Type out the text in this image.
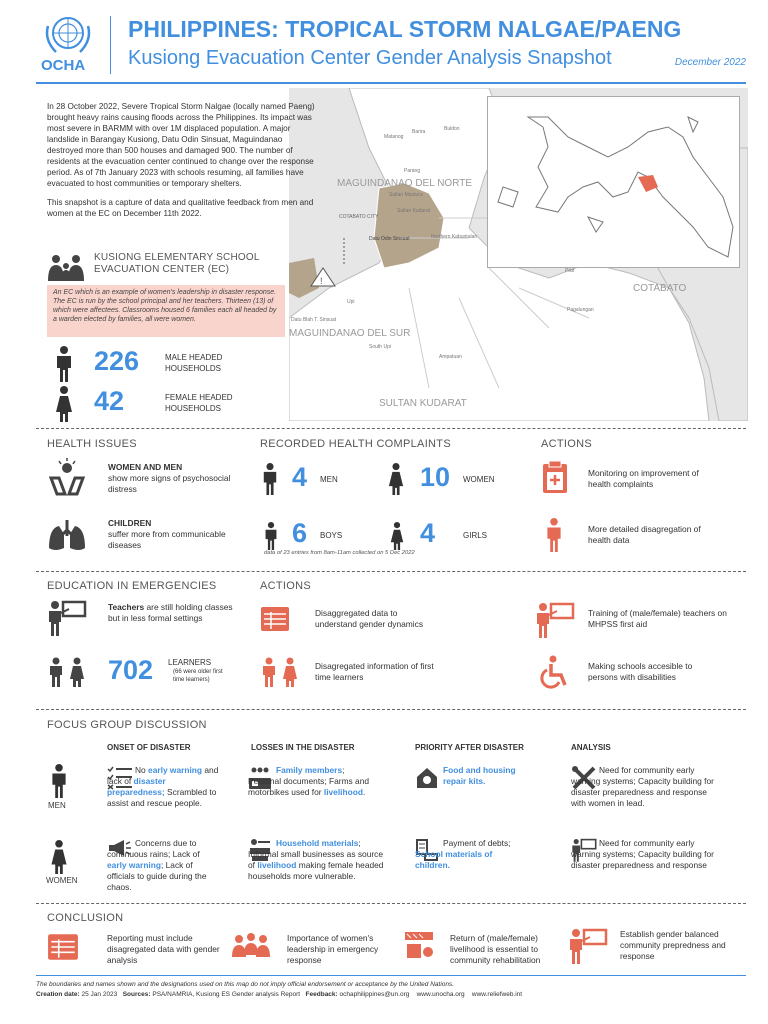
OCHA
PHILIPPINES: TROPICAL STORM NALGAE/PAENG
Kusiong Evacuation Center Gender Analysis Snapshot	December 2022
MAGUINDANAO DEL NORTE
MAGUINDANAO DEL SUR
COTABATO
SULTAN KUDARAT
COTABATO CITY
Datu Odin Sinsuat
Matanog
Barira	Buldon
Parang
Sultan Mastura
Sultan Kudarat
Northern Kabuntalan
Upi
Datu Blah T. Sinsuat
South Upi
Ampatuan
Pagalungan
Pikit
!

In 28 October 2022, Severe Tropical Storm Nalgae (locally named Paeng) brought heavy rains causing floods across the Philippines. Its impact was most severe in BARMM with over 1M displaced population. A major landslide in Barangay Kusiong, Datu Odin Sinsuat, Maguindanao destroyed more than 500 houses and damaged 900. The number of residents at the evacuation center continued to change over the response period. As of 7th January 2023 with schools resuming, all families have evacuated to host communities or temporary shelters.

This snapshot is a capture of data and qualitative feedback from men and women at the EC on December 11th 2022.

KUSIONG ELEMENTARY SCHOOL
EVACUATION CENTER (EC)
An EC which is an example of women's leadership in disaster response. The EC is run by the school principal and her teachers. Thirteen (13) of which were affectees. Classrooms housed 6 families each all headed by a warden elected by families, all were women.
226	MALE HEADED
HOUSEHOLDS
42	FEMALE HEADED
HOUSEHOLDS
HEALTH ISSUES
WOMEN AND MEN
show more signs of psychosocial distress
CHILDREN
suffer more from communicable diseases
RECORDED HEALTH COMPLAINTS
4 MEN	10 WOMEN
6 BOYS	4	GIRLS
data of 23 entries from 8am-11am collected on 5 Dec 2022
ACTIONS
Monitoring on improvement of health complaints
More detailed disagregation of health data
EDUCATION IN EMERGENCIES
Teachers are still holding classes but in less formal settings
702 LEARNERS
(66 were older first time learners)
ACTIONS
Disaggregated data to understand gender dynamics
Training of (male/female) teachers on MHPSS first aid
Disagregated information of first time learners
Making schools accesible to persons with disabilities
FOCUS GROUP DISCUSSION
ONSET OF DISASTER	LOSSES IN THE DISASTER	PRIORITY AFTER DISASTER	ANALYSIS
MEN
No early warning and lack of disaster preparedness; Scrambled to assist and rescue people.
Family members; Personal documents; Farms and motorbikes used for livelihood.
Food and housing repair kits.
Need for community early warning systems; Capacity building for disaster preparedness and response with women in lead.
WOMEN
Concerns due to continuous rains; Lack of early warning; Lack of officials to guide during the chaos.
Household materials; Informal small businesses as source of livelihood making female headed households more vulnerable.
Payment of debts; School materials of children.
Need for community early warning systems; Capacity building for disaster preparedness and response
CONCLUSION
Reporting must include disagregated data with gender analysis
Importance of women's leadership in emergency response
Return of (male/female) livelihood is essential to community rehabilitation
Establish gender balanced community prepredness and response
The boundaries and names shown and the designations used on this map do not imply official endorsement or acceptance by the United Nations.
Creation date: 25 Jan 2023 Sources: PSA/NAMRIA, Kusiong ES Gender analysis Report Feedback: ochaphilippines@un.org www.unocha.org www.reliefweb.int
